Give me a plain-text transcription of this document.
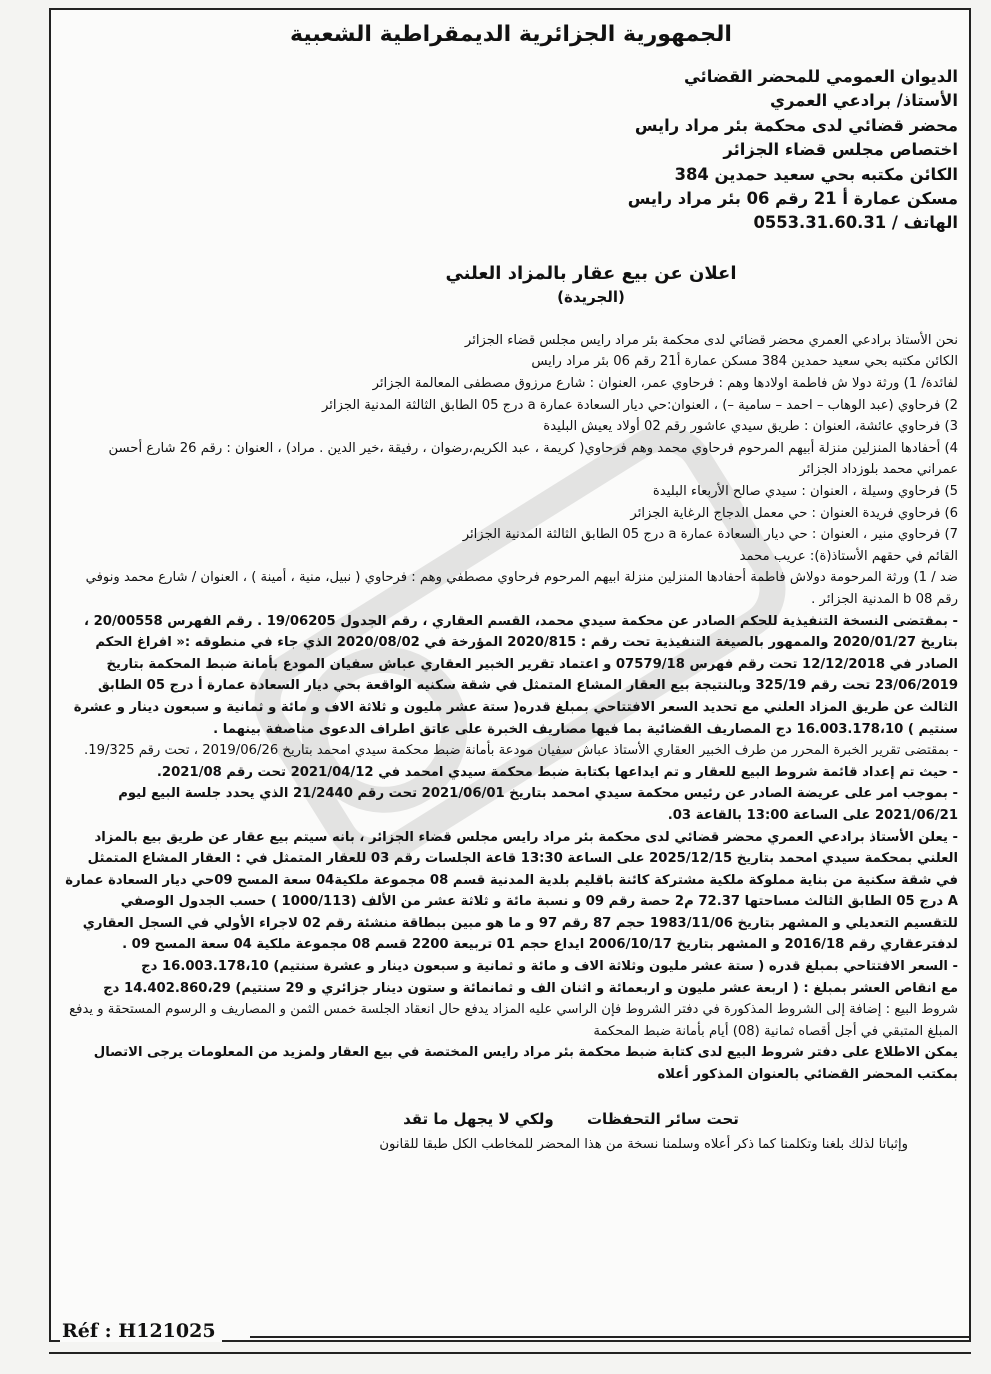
الجمهورية الجزائرية الديمقراطية الشعبية

الديوان العمومي للمحضر القضائي

الأستاذ/ برادعي العمري

محضر قضائي لدى محكمة بئر مراد رايس

اختصاص مجلس قضاء الجزائر

الكائن مكتبه بحي سعيد حمدين 384

مسكن عمارة أ 21 رقم 06 بئر مراد رايس

الهاتف / 0553.31.60.31

اعلان عن بيع عقار بالمزاد العلني
(الجريدة)

نحن الأستاذ برادعي العمري محضر قضائي لدى محكمة بئر مراد رايس مجلس قضاء الجزائر

الكائن مكتبه بحي سعيد حمدين 384 مسكن عمارة أ21 رقم 06 بئر مراد رايس

لفائدة/ 1) ورثة دولا ش فاطمة اولادها وهم : فرحاوي عمر، العنوان : شارع مرزوق مصطفى المعالمة الجزائر

2) فرحاوي (عبد الوهاب – احمد – سامية –) ، العنوان:حي ديار السعادة عمارة a درج 05 الطابق الثالثة المدنية الجزائر

3) فرحاوي عائشة، العنوان : طريق سيدي عاشور رقم 02 أولاد يعيش البليدة

4) أحفادها المنزلين منزلة أبيهم المرحوم فرحاوي محمد وهم فرحاوي( كريمة ، عبد الكريم،رضوان ، رفيقة ،خير الدين . مراد) ، العنوان : رقم 26 شارع أحسن عمراني محمد بلوزداد الجزائر

5) فرحاوي وسيلة ، العنوان : سيدي صالح الأربعاء البليدة

6) فرحاوي فريدة العنوان : حي معمل الدجاج الرغاية الجزائر

7) فرحاوي منير ، العنوان : حي ديار السعادة عمارة a درج 05 الطابق الثالثة المدنية الجزائر

القائم في حقهم الأستاذ(ة): عريب محمد

ضد / 1) ورثة المرحومة دولاش فاطمة أحفادها المنزلين منزلة ابيهم المرحوم فرحاوي مصطفي وهم : فرحاوي ( نبيل، منية ، أمينة ) ، العنوان / شارع محمد ونوفي رقم 08 b المدنية الجزائر .

- بمقتضى النسخة التنفيذية للحكم الصادر عن محكمة سيدي محمد، القسم العقاري ، رقم الجدول 19/06205 . رقم الفهرس 20/00558 ، بتاريخ 2020/01/27 والممهور بالصيغة التنفيذية تحت رقم : 2020/815 المؤرخة في 2020/08/02 الذي جاء في منطوقه :« افراغ الحكم الصادر في 12/12/2018 تحت رقم فهرس 07579/18 و اعتماد تقرير الخبير العقاري عباش سفيان المودع بأمانة ضبط المحكمة بتاريخ 23/06/2019 تحت رقم 325/19 وبالنتيجة بيع العقار المشاع المتمثل في شقة سكنيه الواقعة بحي ديار السعادة عمارة أ درج 05 الطابق الثالث عن طريق المزاد العلني مع تحديد السعر الافتتاحي بمبلغ قدره( ستة عشر مليون و ثلاثة الاف و مائة و ثمانية و سبعون دينار و عشرة سنتيم ) 16.003.178،10 دج المصاريف القضائية بما فيها مصاريف الخبرة على عاتق اطراف الدعوى مناصفة بينهما .

- بمقتضى تقرير الخبرة المحرر من طرف الخبير العقاري الأستاذ عباش سفيان مودعة بأمانة ضبط محكمة سيدي امحمد بتاريخ 2019/06/26 ، تحت رقم 19/325.

- حيث تم إعداد قائمة شروط البيع للعقار و تم ايداعها بكتابة ضبط محكمة سيدي امحمد في 2021/04/12 تحت رقم 2021/08.

- بموجب امر على عريضة الصادر عن رئيس محكمة سيدي امحمد بتاريخ 2021/06/01 تحت رقم 21/2440 الذي يحدد جلسة البيع ليوم 2021/06/21 على الساعة 13:00 بالقاعة 03.

- يعلن الأستاذ برادعي العمري محضر قضائي لدى محكمة بئر مراد رايس مجلس قضاء الجزائر ، بانه سيتم بيع عقار عن طريق بيع بالمزاد العلني بمحكمة سيدي امحمد بتاريخ 2025/12/15 على الساعة 13:30 قاعة الجلسات رقم 03 للعقار المتمثل في : العقار المشاع المتمثل في شقة سكنية من بناية مملوكة ملكية مشتركة كائنة باقليم بلدية المدنية قسم 08 مجموعة ملكية04 سعة المسح 09حي ديار السعادة عمارة A درج 05 الطابق الثالث مساحتها 72.37 م2 حصة رقم 09 و نسبة مائة و ثلاثة عشر من الألف (1000/113 ) حسب الجدول الوصفي للتقسيم التعديلي و المشهر بتاريخ 1983/11/06 حجم 87 رقم 97 و ما هو مبين ببطاقة منشئة رقم 02 لاجراء الأولي في السجل العقاري لدفترعقاري رقم 2016/18 و المشهر بتاريخ 2006/10/17 ايداع حجم 01 تربيعة 2200 قسم 08 مجموعة ملكية 04 سعة المسح 09 .

- السعر الافتتاحي بمبلغ قدره ( ستة عشر مليون وثلاثة الاف و مائة و ثمانية و سبعون دينار و عشرة سنتيم) 16.003.178،10 دج

مع انقاص العشر بمبلغ : ( اربعة عشر مليون و اربعمائة و اثنان الف و ثمانمائة و ستون دينار جزائري و 29 سنتيم) 14.402.860،29 دج

شروط البيع : إضافة إلى الشروط المذكورة في دفتر الشروط فإن الراسي عليه المزاد يدفع حال انعقاد الجلسة خمس الثمن و المصاريف و الرسوم المستحقة و يدفع المبلغ المتبقي في أجل أقصاه ثمانية (08) أيام بأمانة ضبط المحكمة

يمكن الاطلاع على دفتر شروط البيع لدى كتابة ضبط محكمة بئر مراد رايس المختصة في بيع العقار ولمزيد من المعلومات يرجى الاتصال بمكتب المحضر القضائي بالعنوان المذكور أعلاه

تحت سائر التحفظات ولكي لا يجهل ما تقد
وإثباتا لذلك بلغنا وتكلمنا كما ذكر أعلاه وسلمنا نسخة من هذا المحضر للمخاطب الكل طبقا للقانون
Réf : H121025
